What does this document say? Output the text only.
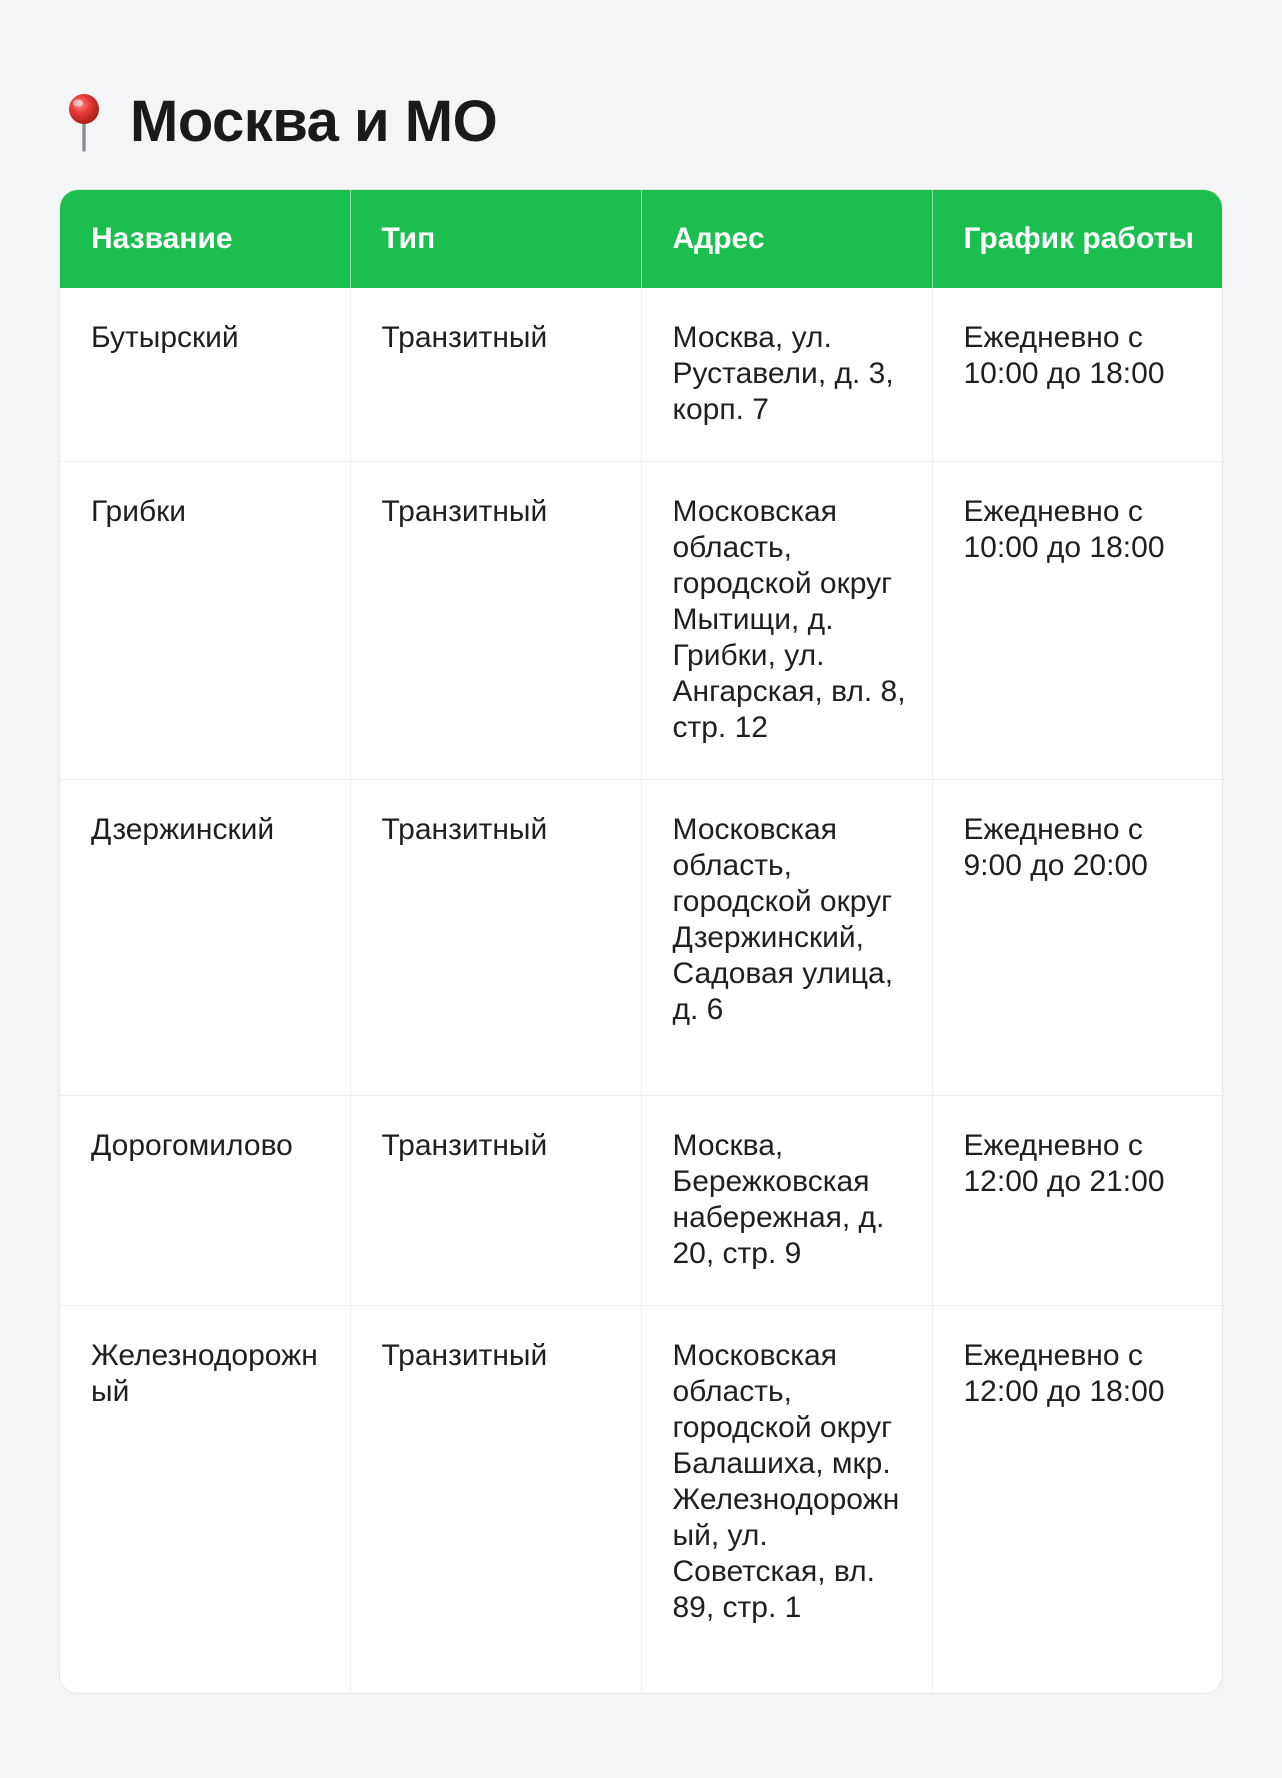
Москва и МО
Название	Тип	Адрес	График работы

Бутырский	Транзитный	Москва, ул. Руставели, д. 3, корп. 7	Ежедневно с 10:00 до 18:00

Грибки	Транзитный	Московская область, городской округ Мытищи, д. Грибки, ул. Ангарская, вл. 8, стр. 12	Ежедневно с 10:00 до 18:00

Дзержинский	Транзитный	Московская область, городской округ Дзержинский, Садовая улица, д. 6	Ежедневно с 9:00 до 20:00

Дорогомилово	Транзитный	Москва, Бережковская набережная, д. 20, стр. 9	Ежедневно с 12:00 до 21:00

Железнодорожный	Транзитный	Московская область, городской округ Балашиха, мкр. Железнодорожный, ул. Советская, вл. 89, стр. 1	Ежедневно с 12:00 до 18:00
